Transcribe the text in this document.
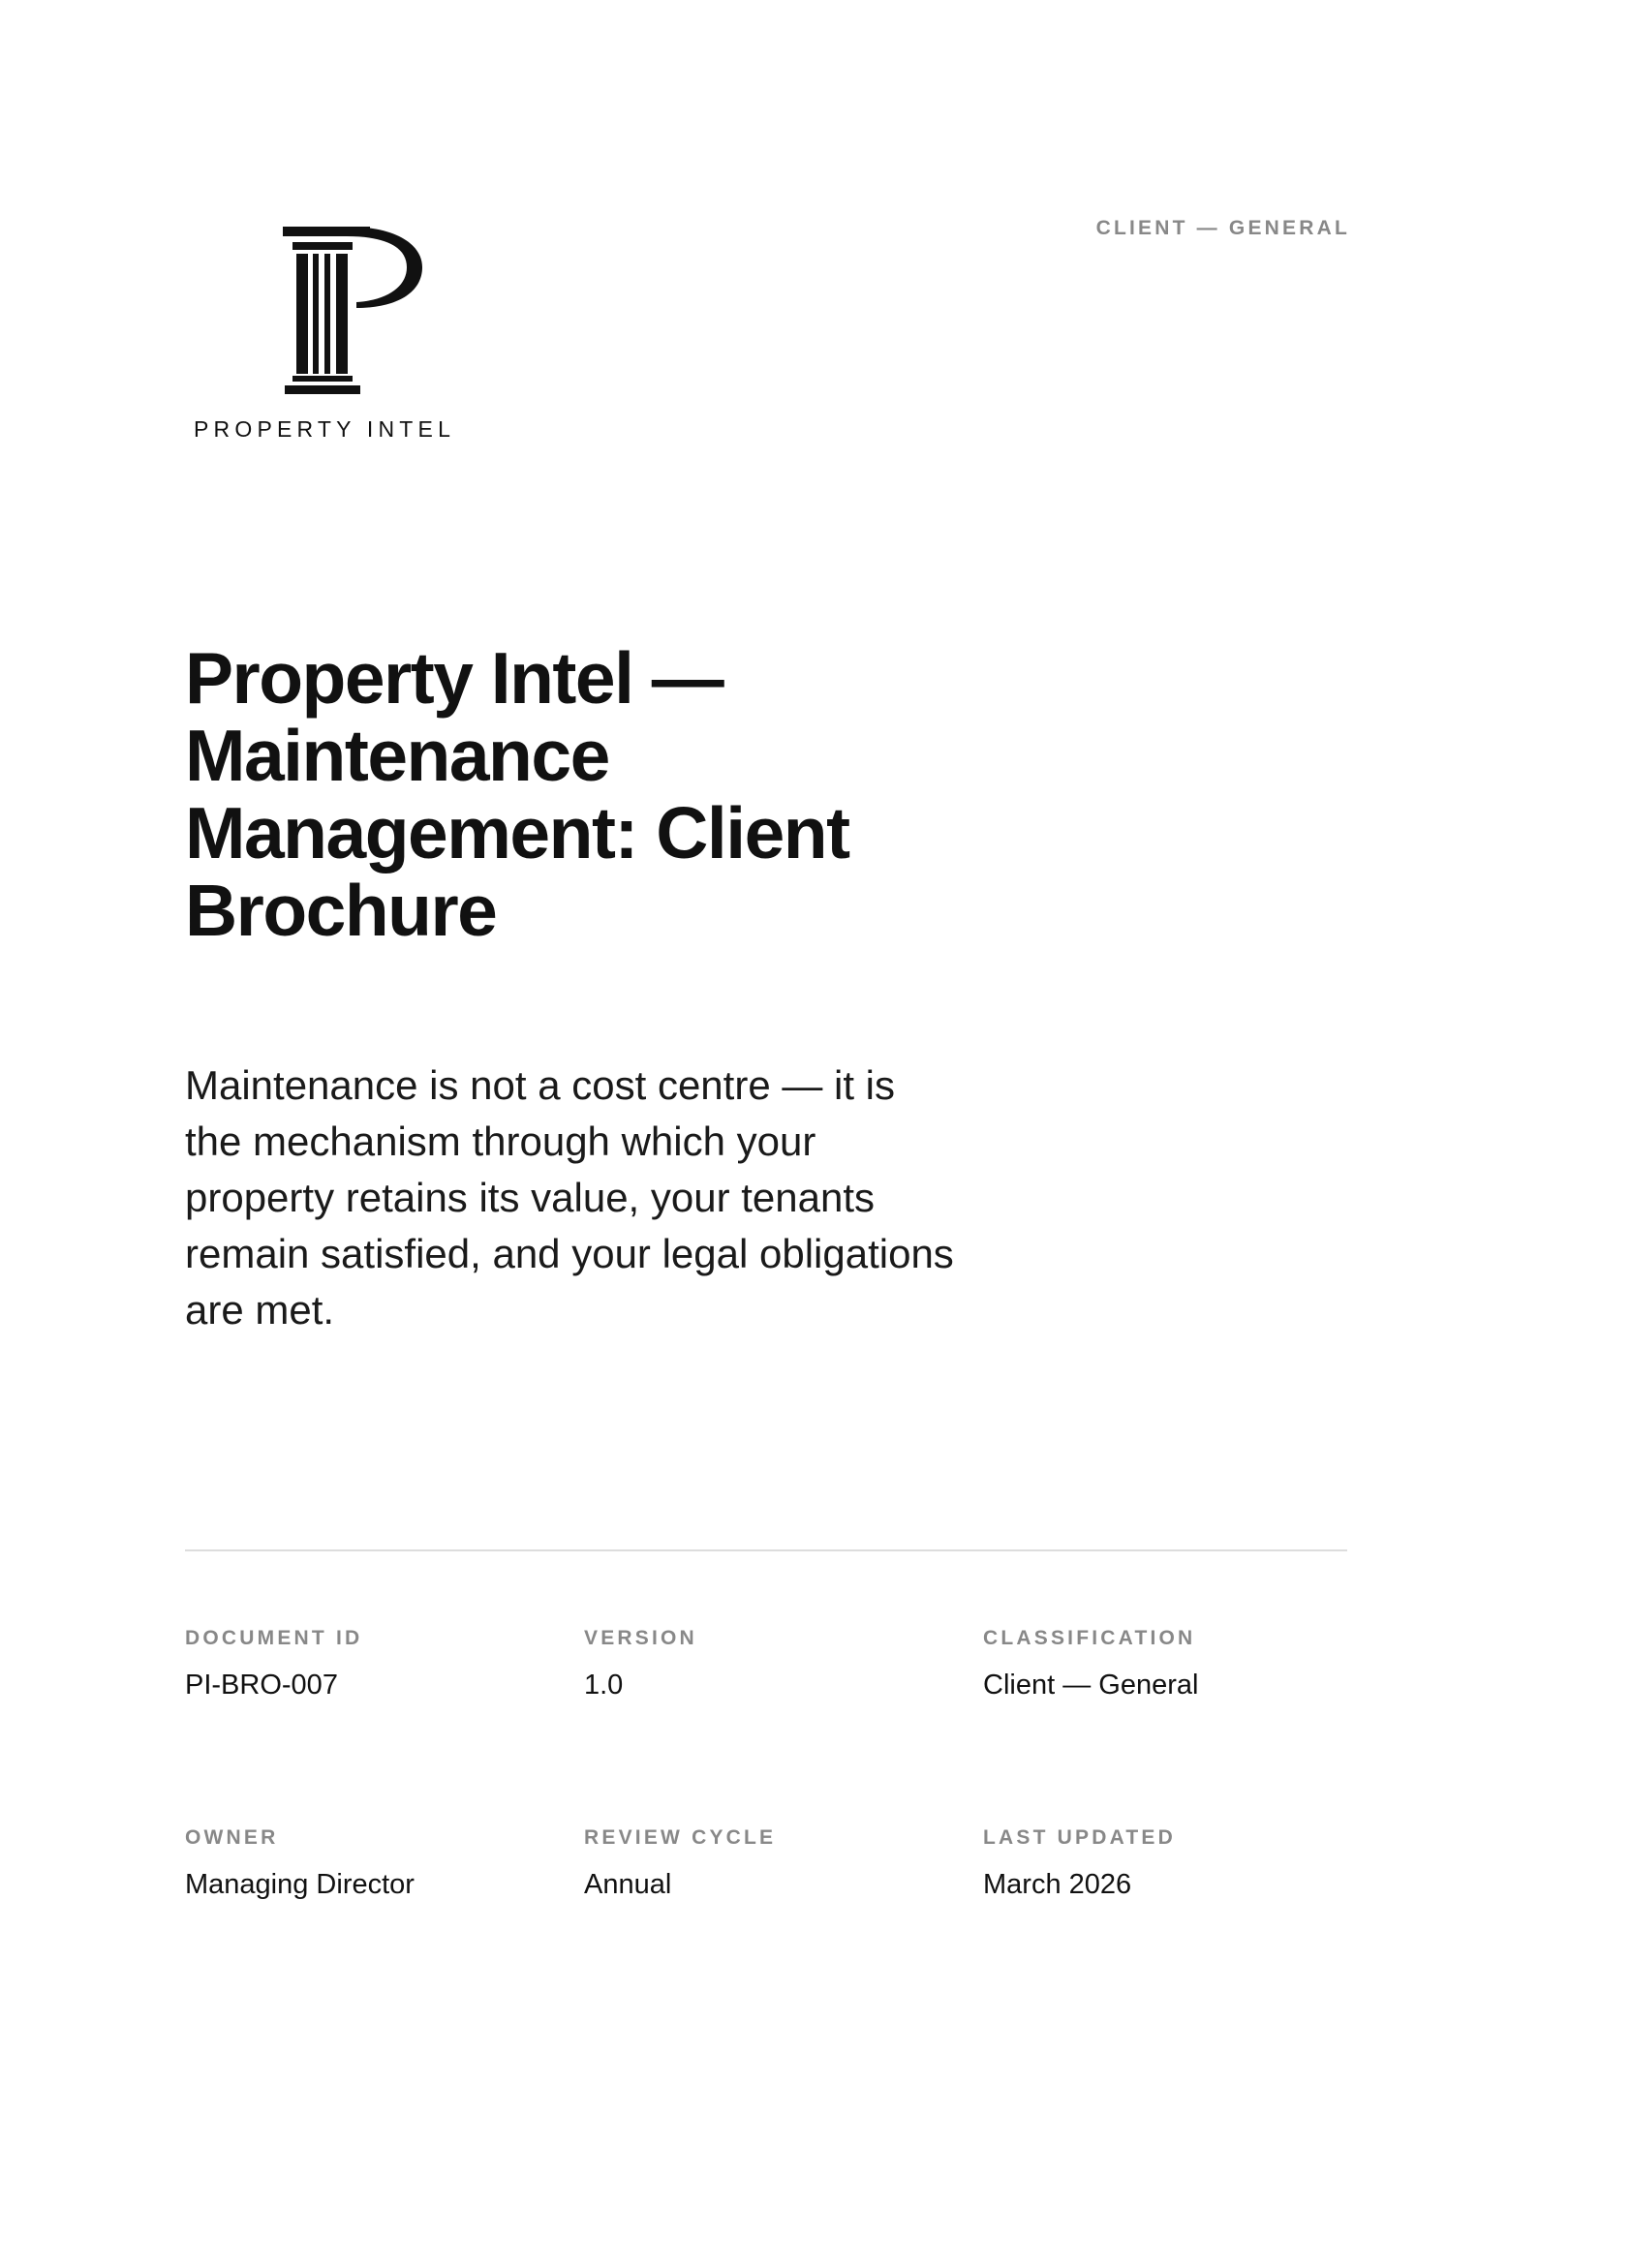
CLIENT — GENERAL
PROPERTY INTEL
Property Intel — Maintenance Management: Client Brochure

Maintenance is not a cost centre — it is the mechanism through which your property retains its value, your tenants remain satisfied, and your legal obligations are met.

DOCUMENT ID
PI-BRO-007
VERSION
1.0
CLASSIFICATION
Client — General
OWNER
Managing Director
REVIEW CYCLE
Annual
LAST UPDATED
March 2026
